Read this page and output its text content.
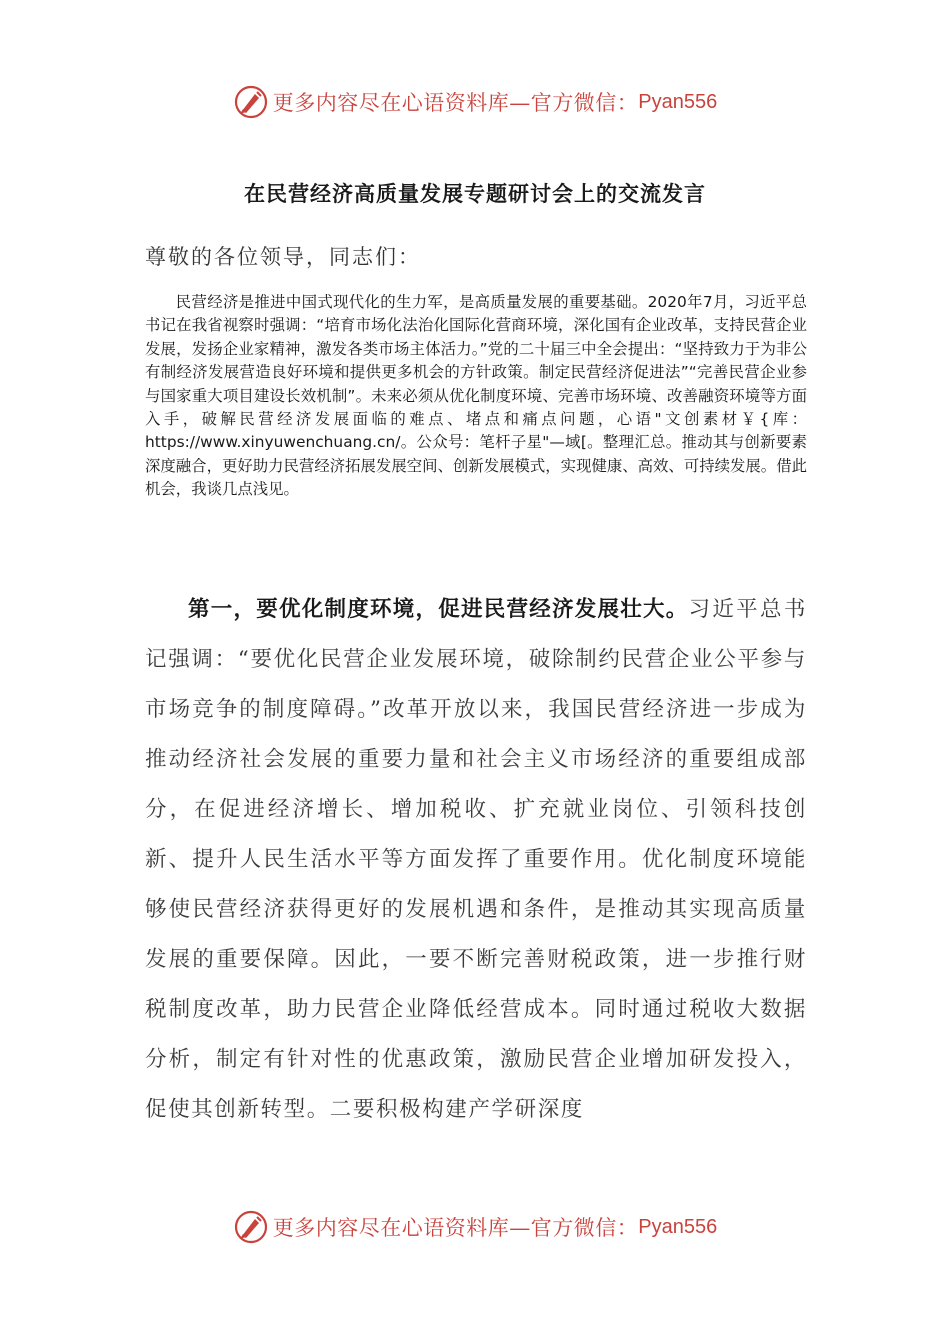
更多内容尽在心语资料库—官方微信： Pyan556
在民营经济高质量发展专题研讨会上的交流发言
尊敬的各位领导，同志们：

民营经济是推进中国式现代化的生力军，是高质量发展的重要基础。2020年7月，习近平总书记在我省视察时强调：“培育市场化法治化国际化营商环境，深化国有企业改革，支持民营企业发展，发扬企业家精神，激发各类市场主体活力。”党的二十届三中全会提出：“坚持致力于为非公有制经济发展营造良好环境和提供更多机会的方针政策。制定民营经济促进法”“完善民营企业参与国家重大项目建设长效机制”。未来必须从优化制度环境、完善市场环境、改善融资环境等方面入手，破解民营经济发展面临的难点、堵点和痛点问题，心语"文创素材￥{库：https://www.xinyuwenchuang.cn/。公众号：笔杆子星"—域[。整理汇总。推动其与创新要素深度融合，更好助力民营经济拓展发展空间、创新发展模式，实现健康、高效、可持续发展。借此机会，我谈几点浅见。

第一，要优化制度环境，促进民营经济发展壮大。习近平总书记强调：“要优化民营企业发展环境，破除制约民营企业公平参与市场竞争的制度障碍。”改革开放以来，我国民营经济进一步成为推动经济社会发展的重要力量和社会主义市场经济的重要组成部分，在促进经济增长、增加税收、扩充就业岗位、引领科技创新、提升人民生活水平等方面发挥了重要作用。优化制度环境能够使民营经济获得更好的发展机遇和条件，是推动其实现高质量发展的重要保障。因此，一要不断完善财税政策，进一步推行财税制度改革，助力民营企业降低经营成本。同时通过税收大数据分析，制定有针对性的优惠政策，激励民营企业增加研发投入，促使其创新转型。二要积极构建产学研深度

更多内容尽在心语资料库—官方微信： Pyan556
